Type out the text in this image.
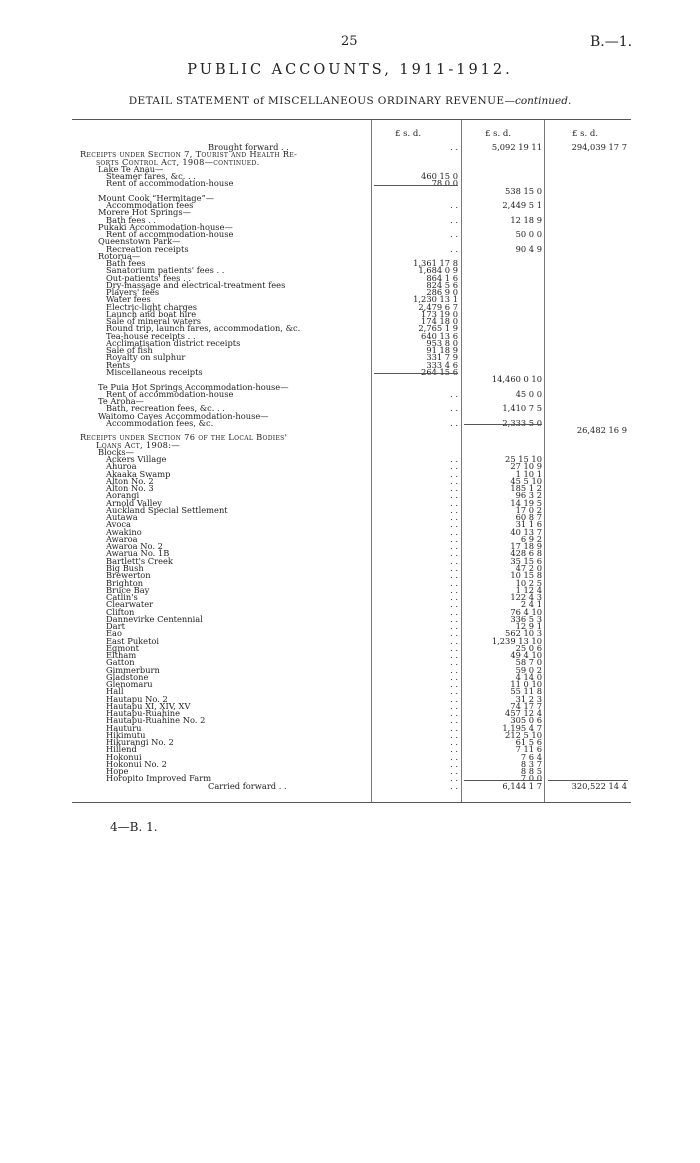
25	B.—1.
PUBLIC ACCOUNTS, 1911-1912.
DETAIL STATEMENT of MISCELLANEOUS ORDINARY REVENUE—continued.
£ s. d.	£ s. d.	£ s. d.
Brought forward . .	. .	5,092 19 11	294,039 17 7
Receipts under Section 7, Tourist and Health Re-
sorts Control Act, 1908—continued.
Lake Te Anau—
Steamer fares, &c. . .	460 15 0
Rent of accommodation-house	78 0 0
538 15 0
Mount Cook “Hermitage”—
Accommodation fees	. .	2,449 5 1
Morere Hot Springs—
Bath fees . .	. .	12 18 9
Pukaki Accommodation-house—
Rent of accommodation-house	. .	50 0 0
Queenstown Park—
Recreation receipts	. .	90 4 9
Rotorua—
Bath fees	1,361 17 8
Sanatorium patients' fees . .	1,684 0 9
Out-patients' fees . .	864 1 6
Dry-massage and electrical-treatment fees	824 5 6
Players' fees	286 9 0
Water fees	1,230 13 1
Electric-light charges	2,479 6 7
Launch and boat hire	173 19 0
Sale of mineral waters	174 18 0
Round trip, launch fares, accommodation, &c.	2,765 1 9
Tea-house receipts . .	640 13 6
Acclimatisation district receipts	953 8 0
Sale of fish	91 18 9
Royalty on sulphur	331 7 9
Rents	333 4 6
Miscellaneous receipts	264 15 6
14,460 0 10
Te Puia Hot Springs Accommodation-house—
Rent of accommodation-house	. .	45 0 0
Te Aroha—
Bath, recreation fees, &c. . .	. .	1,410 7 5
Waitomo Caves Accommodation-house—
Accommodation fees, &c.	. .	2,333 5 0
26,482 16 9
Receipts under Section 76 of the Local Bodies'
Loans Act, 1908:—
Blocks—
Ackers Village	. .	25 15 10
Ahuroa	. .	27 10 9
Akaaka Swamp	. .	1 10 1
Alton No. 2	. .	45 5 10
Alton No. 3	. .	185 1 2
Aorangi	. .	96 3 2
Arnold Valley	. .	14 19 5
Auckland Special Settlement	. .	17 0 2
Autawa	. .	60 8 7
Avoca	. .	31 1 6
Awakino	. .	40 13 7
Awaroa	. .	6 9 2
Awaroa No. 2	. .	17 18 9
Awarua No. 1B	. .	428 6 8
Bartlett's Creek	. .	35 15 6
Big Bush	. .	47 2 0
Brewerton	. .	10 15 8
Brighton	. .	10 2 5
Bruce Bay	. .	1 12 4
Catlin's	. .	122 4 3
Clearwater	. .	2 4 1
Clifton	. .	76 4 10
Dannevirke Centennial	. .	336 5 3
Dart	. .	12 9 1
Eao	. .	562 10 3
East Puketoi	. .	1,239 13 10
Egmont	. .	25 0 6
Eltham	. .	49 4 10
Gatton	. .	58 7 0
Gimmerburn	. .	59 0 2
Gladstone	. .	4 14 0
Glenomaru	. .	11 0 10
Hall	. .	55 11 8
Hautapu No. 2	. .	31 2 3
Hautapu XI, XIV, XV	. .	74 17 7
Hautapu-Ruahine	. .	457 12 4
Hautapu-Ruahine No. 2	. .	305 0 6
Hauturu	. .	1,195 4 7
Hikimutu	. .	212 5 10
Hikurangi No. 2	. .	61 5 6
Hillend	. .	7 11 6
Hokonui	. .	7 6 4
Hokonui No. 2	. .	8 3 7
Hope	. .	8 8 5
Horopito Improved Farm	. .	7 0 0
Carried forward . .	. .	6,144 1 7	320,522 14 4
4—B. 1.
